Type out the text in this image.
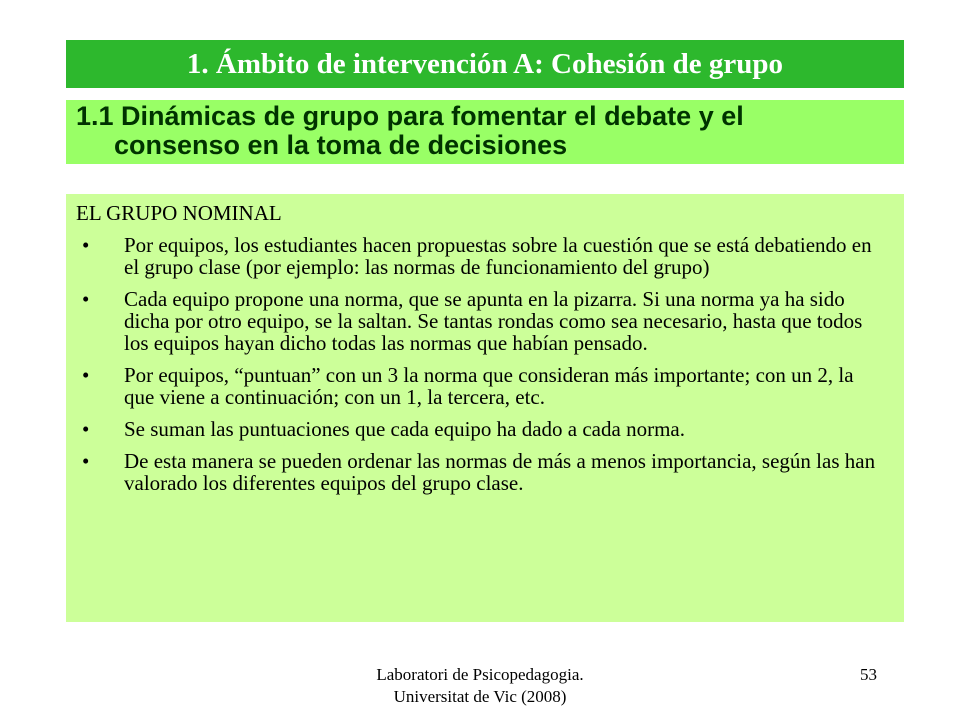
1. Ámbito de intervención A: Cohesión de grupo
1.1 Dinámicas de grupo para fomentar el debate y el
consenso en la toma de decisiones
EL GRUPO NOMINAL
• Por equipos, los estudiantes hacen propuestas sobre la cuestión que se está debatiendo en el grupo clase (por ejemplo: las normas de funcionamiento del grupo)
• Cada equipo propone una norma, que se apunta en la pizarra. Si una norma ya ha sido dicha por otro equipo, se la saltan. Se tantas rondas como sea necesario, hasta que todos los equipos hayan dicho todas las normas que habían pensado.
• Por equipos, “puntuan” con un 3 la norma que consideran más importante; con un 2, la que viene a continuación; con un 1, la tercera, etc.
• Se suman las puntuaciones que cada equipo ha dado a cada norma.
• De esta manera se pueden ordenar las normas de más a menos importancia, según las han valorado los diferentes equipos del grupo clase.
Laboratori de Psicopedagogia.
Universitat de Vic (2008)
53
